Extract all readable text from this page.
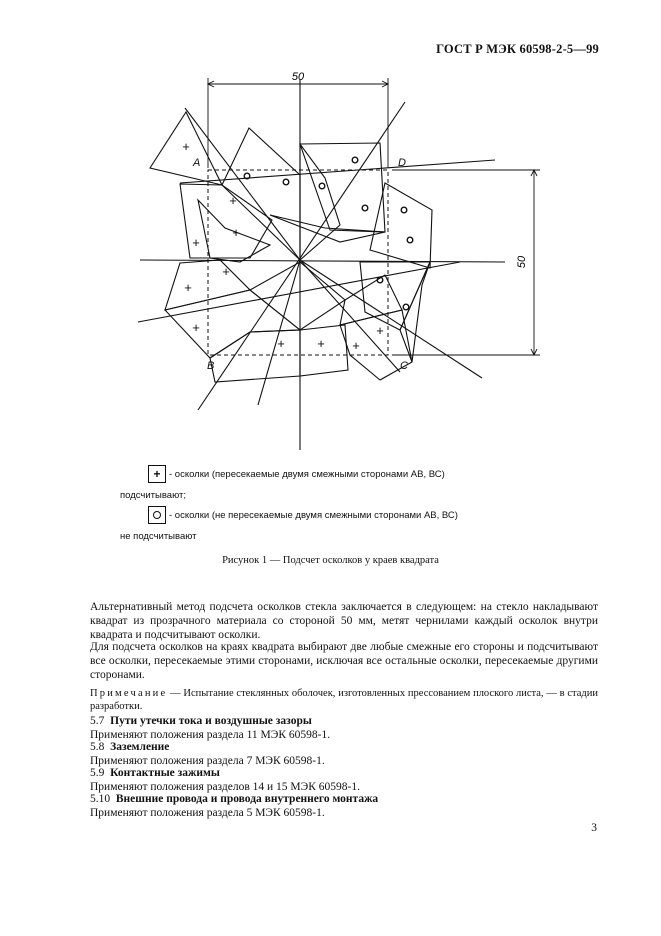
ГОСТ Р МЭК 60598-2-5—99
50
50
A	D
B	C
+
+
+
+
+
+
+
+ + +
+
+ - осколки (пересекаемые двумя смежными сторонами АВ, ВС)
подсчитывают;
- осколки (не пересекаемые двумя смежными сторонами АВ, ВС)
не подсчитывают
Рисунок 1 — Подсчет осколков у краев квадрата
Альтернативный метод подсчета осколков стекла заключается в следующем: на стекло накладывают квадрат из прозрачного материала со стороной 50 мм, метят чернилами каждый осколок внутри квадрата и подсчитывают осколки.
Для подсчета осколков на краях квадрата выбирают две любые смежные его стороны и подсчитывают все осколки, пересекаемые этими сторонами, исключая все остальные осколки, пересекаемые другими сторонами.
Примечание — Испытание стеклянных оболочек, изготовленных прессованием плоского листа, — в стадии разработки.
5.7 Пути утечки тока и воздушные зазоры
Применяют положения раздела 11 МЭК 60598-1.
5.8 Заземление
Применяют положения раздела 7 МЭК 60598-1.
5.9 Контактные зажимы
Применяют положения разделов 14 и 15 МЭК 60598-1.
5.10 Внешние провода и провода внутреннего монтажа
Применяют положения раздела 5 МЭК 60598-1.
3
